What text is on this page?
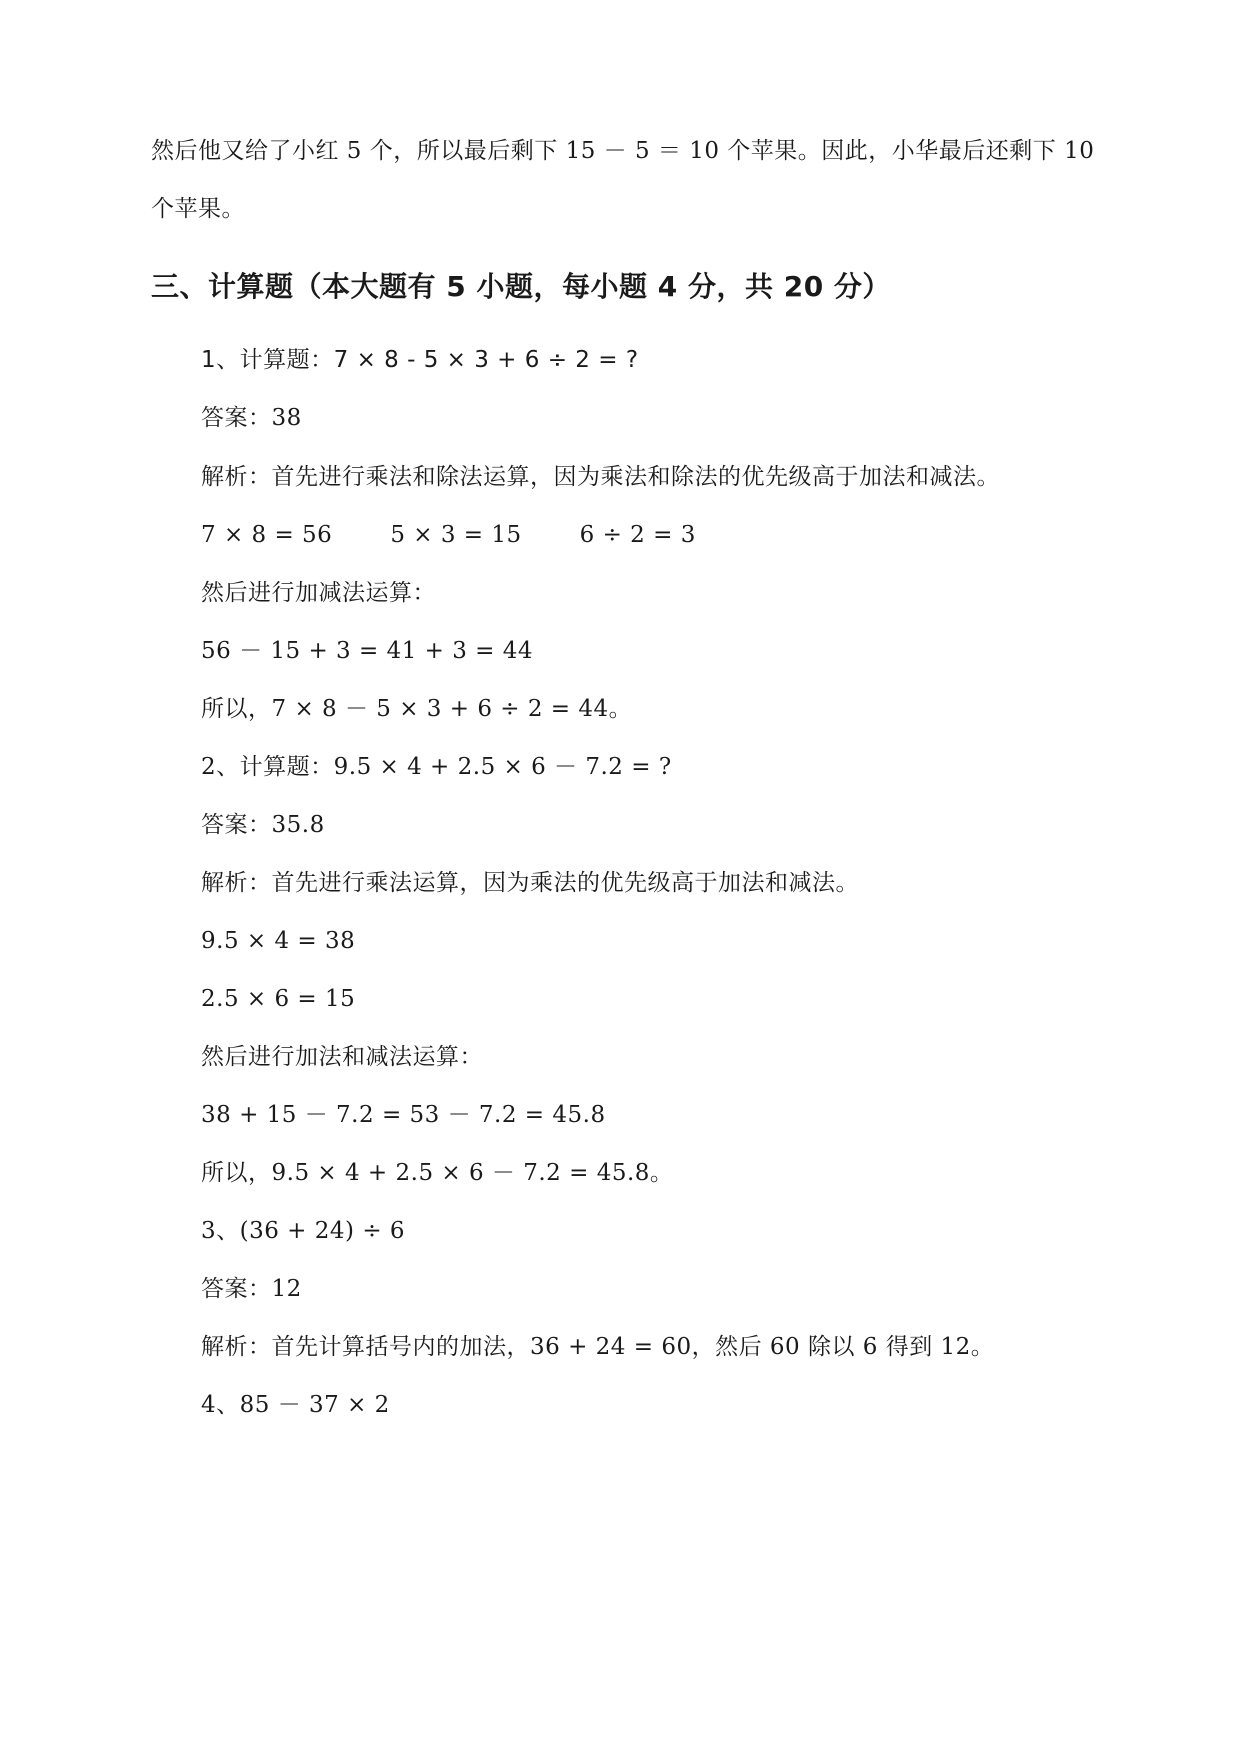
然后他又给了小红 5 个，所以最后剩下 15 － 5 ＝ 10 个苹果。因此，小华最后还剩下 10
个苹果。
三、计算题（本大题有 5 小题，每小题 4 分，共 20 分）
1、计算题：7 × 8 - 5 × 3 + 6 ÷ 2 = ?
答案：38
解析：首先进行乘法和除法运算，因为乘法和除法的优先级高于加法和减法。
7 × 8 = 56	5 × 3 = 15	6 ÷ 2 = 3
然后进行加减法运算：
56 － 15 + 3 = 41 + 3 = 44
所以，7 × 8 － 5 × 3 + 6 ÷ 2 = 44。
2、计算题：9.5 × 4 + 2.5 × 6 － 7.2 = ?
答案：35.8
解析：首先进行乘法运算，因为乘法的优先级高于加法和减法。
9.5 × 4 = 38
2.5 × 6 = 15
然后进行加法和减法运算：
38 + 15 － 7.2 = 53 － 7.2 = 45.8
所以，9.5 × 4 + 2.5 × 6 － 7.2 = 45.8。
3、(36 + 24) ÷ 6
答案：12
解析：首先计算括号内的加法，36 + 24 = 60，然后 60 除以 6 得到 12。
4、85 － 37 × 2
